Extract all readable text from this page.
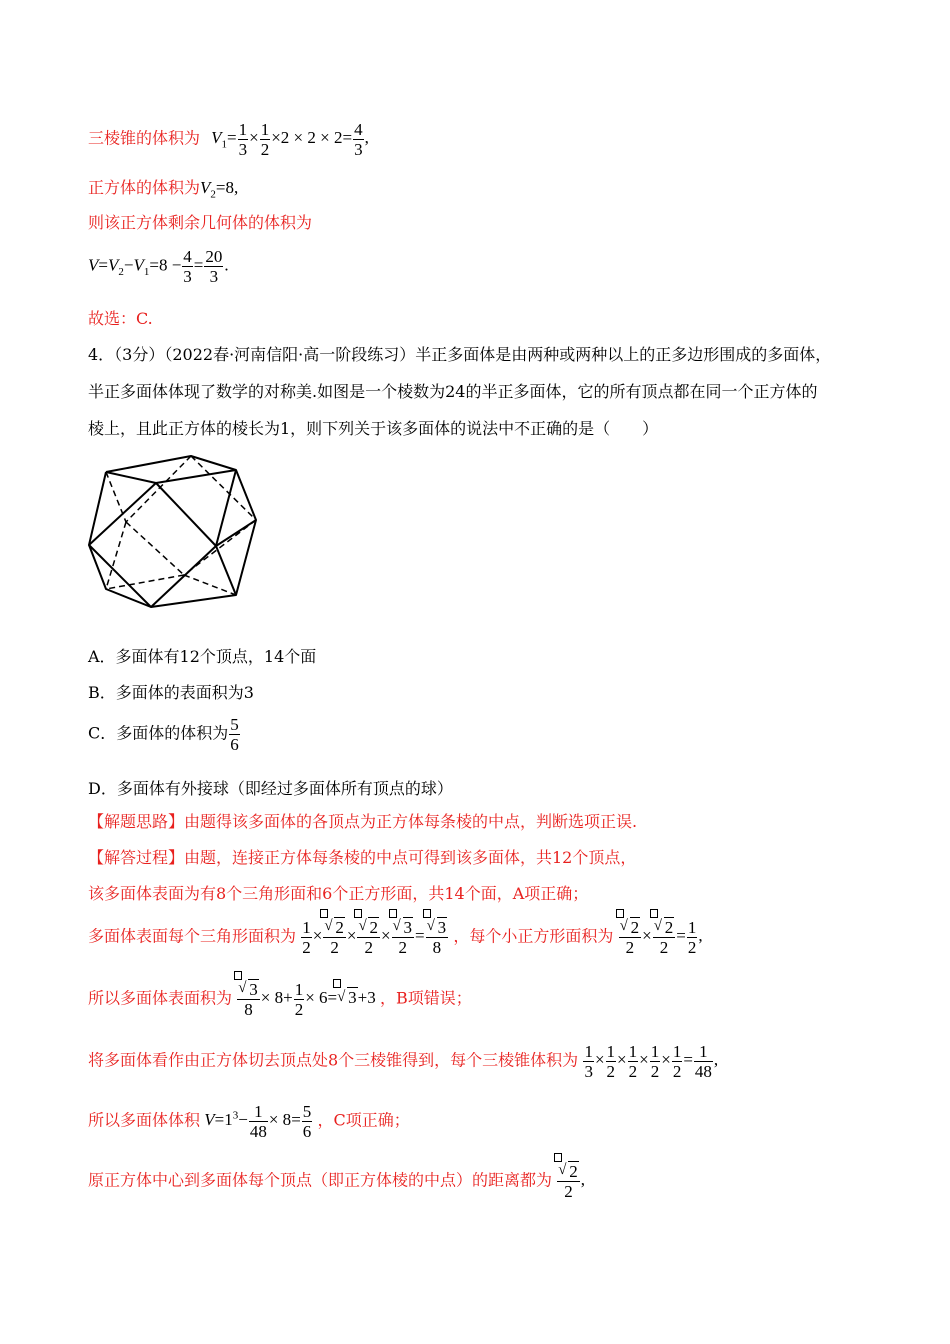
三棱锥的体积为 $V_1= \frac{1}{3} \times \frac{1}{2} \times 2 \times 2 \times 2= \frac{4}{3}$ ,
正方体的体积为$V_2=8$,
则该正方体剩余几何体的体积为
$V=V_2-V_1=8 - \frac{4}{3} = \frac{20}{3}$ .
故选：C.
4．（3分）（2022春·河南信阳·高一阶段练习）半正多面体是由两种或两种以上的正多边形围成的多面体，
半正多面体体现了数学的对称美.如图是一个棱数为24的半正多面体，它的所有顶点都在同一个正方体的
棱上，且此正方体的棱长为1，则下列关于该多面体的说法中不正确的是（　　）
A．多面体有12个顶点，14个面
B．多面体的表面积为3
C．多面体的体积为 $\frac{5}{6}$
D．多面体有外接球（即经过多面体所有顶点的球）
【解题思路】由题得该多面体的各顶点为正方体每条棱的中点，判断选项正误.
【解答过程】由题，连接正方体每条棱的中点可得到该多面体，共12个顶点，
该多面体表面为有8个三角形面和6个正方形面，共14个面，A项正确；
多面体表面每个三角形面积为 $\frac{1}{2} \times \frac{√ 2}{2} \times \frac{√ 2}{2} \times \frac{√ 3}{2} = \frac{√ 3}{8}$ ，每个小正方形面积为 $\frac{√ 2}{2} \times \frac{√ 2}{2} = \frac{1}{2}$ ,
所以多面体表面积为 $\frac{√ 3}{8} \times 8+ \frac{1}{2} \times 6=$ √ 3+3 ，B项错误；
将多面体看作由正方体切去顶点处8个三棱锥得到，每个三棱锥体积为 $\frac{1}{3} \times \frac{1}{2} \times \frac{1}{2} \times \frac{1}{2} \times \frac{1}{2} = \frac{1}{48}$ ,
所以多面体体积 $V=1^3- \frac{1}{48} \times 8= \frac{5}{6}$ ，C项正确；
原正方体中心到多面体每个顶点（即正方体棱的中点）的距离都为 $\frac{√ 2}{2}$ ,
